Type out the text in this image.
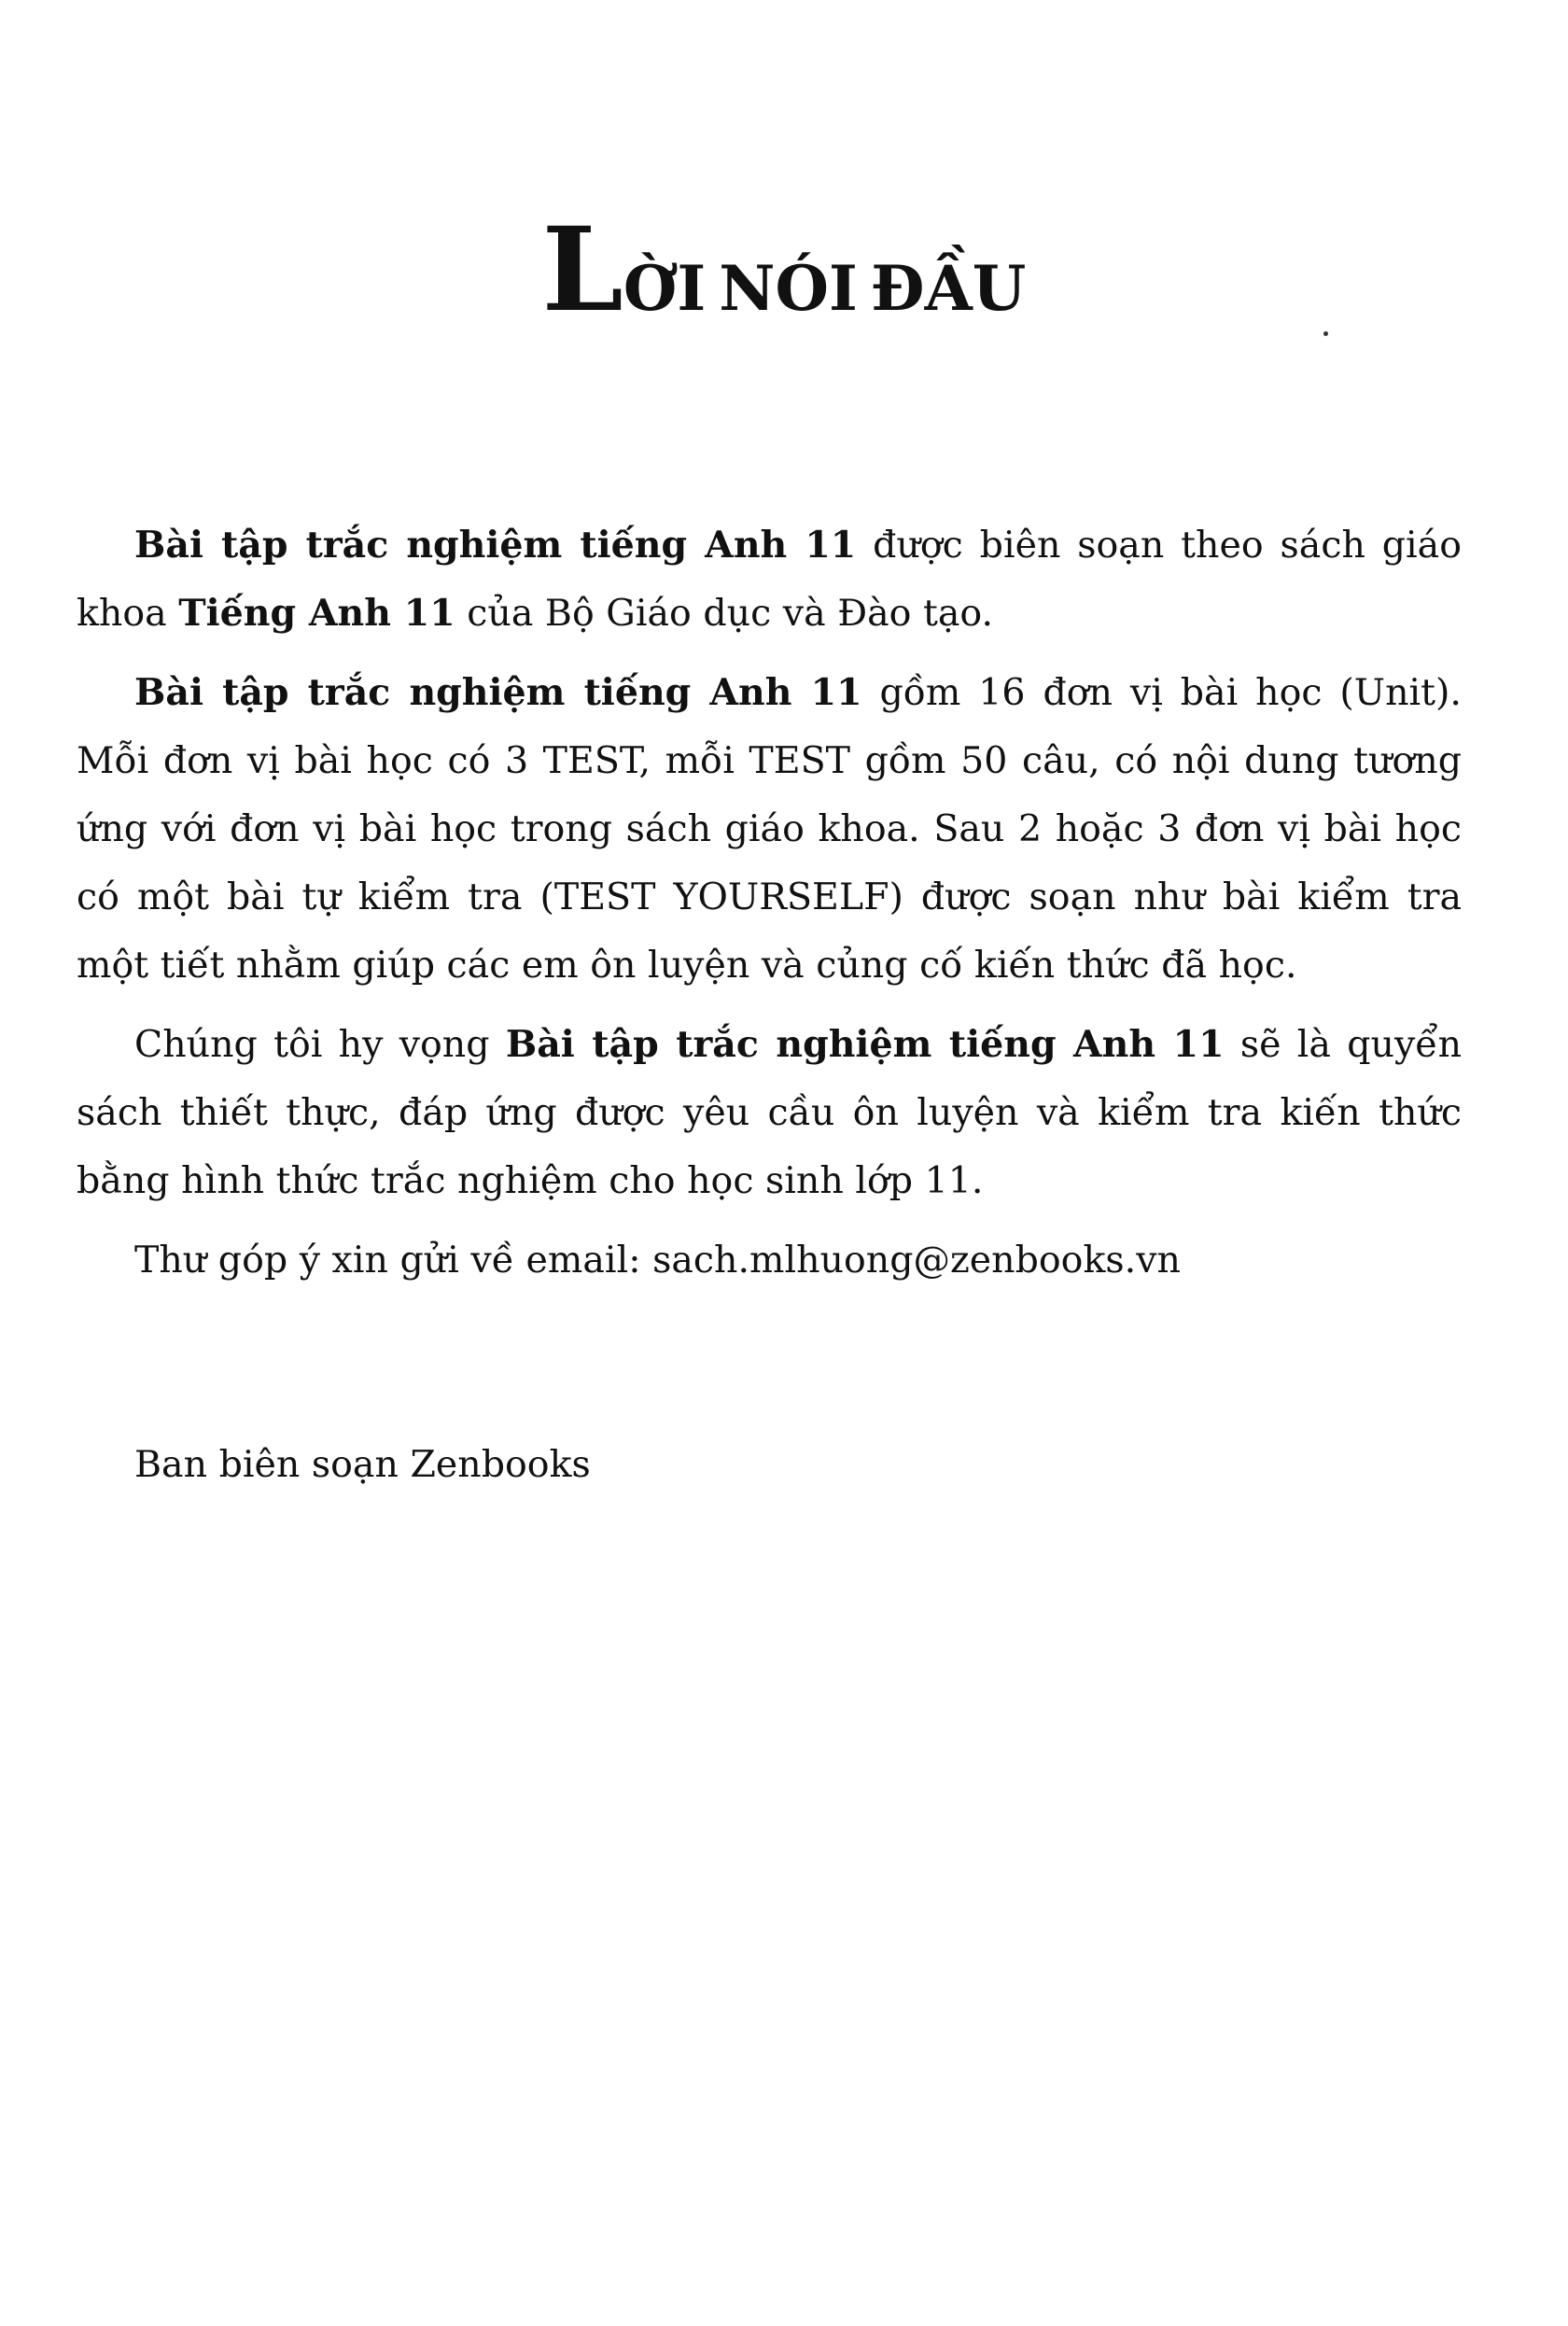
LỜI NÓI ĐẦU

Bài tập trắc nghiệm tiếng Anh 11 được biên soạn theo sách giáo khoa Tiếng Anh 11 của Bộ Giáo dục và Đào tạo.

Bài tập trắc nghiệm tiếng Anh 11 gồm 16 đơn vị bài học (Unit). Mỗi đơn vị bài học có 3 TEST, mỗi TEST gồm 50 câu, có nội dung tương ứng với đơn vị bài học trong sách giáo khoa. Sau 2 hoặc 3 đơn vị bài học có một bài tự kiểm tra (TEST YOURSELF) được soạn như bài kiểm tra một tiết nhằm giúp các em ôn luyện và củng cố kiến thức đã học.

Chúng tôi hy vọng Bài tập trắc nghiệm tiếng Anh 11 sẽ là quyển sách thiết thực, đáp ứng được yêu cầu ôn luyện và kiểm tra kiến thức bằng hình thức trắc nghiệm cho học sinh lớp 11.

Thư góp ý xin gửi về email: sach.mlhuong@zenbooks.vn

Ban biên soạn Zenbooks
